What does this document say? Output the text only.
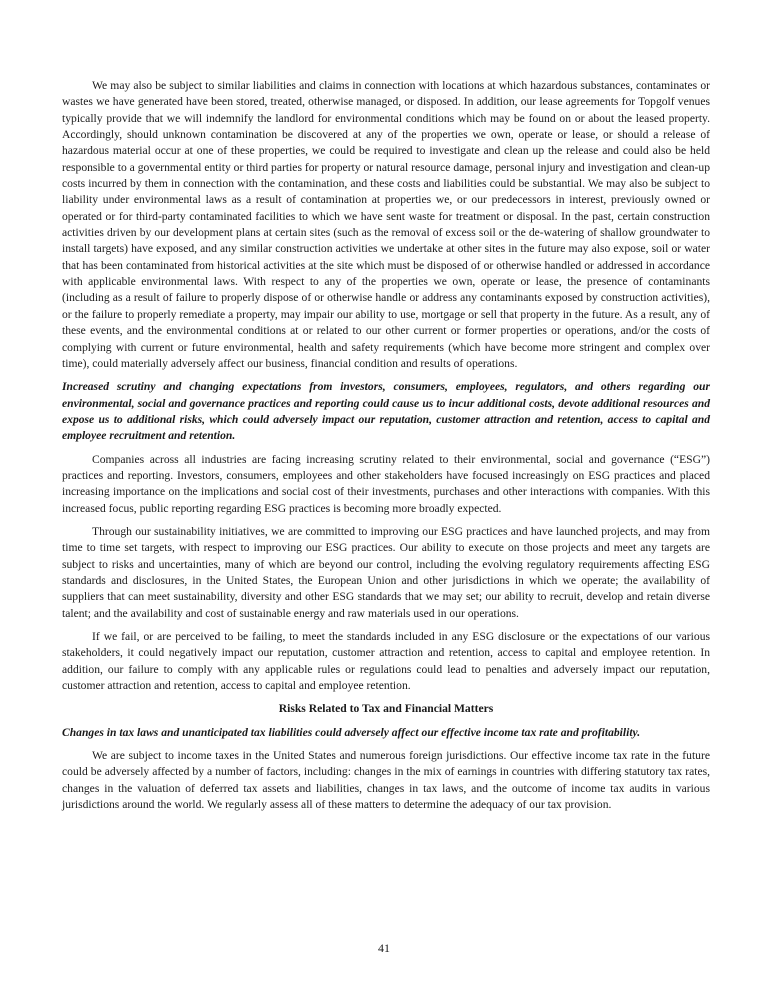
We may also be subject to similar liabilities and claims in connection with locations at which hazardous substances, contaminates or wastes we have generated have been stored, treated, otherwise managed, or disposed. In addition, our lease agreements for Topgolf venues typically provide that we will indemnify the landlord for environmental conditions which may be found on or about the leased property. Accordingly, should unknown contamination be discovered at any of the properties we own, operate or lease, or should a release of hazardous material occur at one of these properties, we could be required to investigate and clean up the release and could also be held responsible to a governmental entity or third parties for property or natural resource damage, personal injury and investigation and clean-up costs incurred by them in connection with the contamination, and these costs and liabilities could be substantial. We may also be subject to liability under environmental laws as a result of contamination at properties we, or our predecessors in interest, previously owned or operated or for third-party contaminated facilities to which we have sent waste for treatment or disposal. In the past, certain construction activities driven by our development plans at certain sites (such as the removal of excess soil or the de-watering of shallow groundwater to install targets) have exposed, and any similar construction activities we undertake at other sites in the future may also expose, soil or water that has been contaminated from historical activities at the site which must be disposed of or otherwise handled or addressed in accordance with applicable environmental laws. With respect to any of the properties we own, operate or lease, the presence of contaminants (including as a result of failure to properly dispose of or otherwise handle or address any contaminants exposed by construction activities), or the failure to properly remediate a property, may impair our ability to use, mortgage or sell that property in the future. As a result, any of these events, and the environmental conditions at or related to our other current or former properties or operations, and/or the costs of complying with current or future environmental, health and safety requirements (which have become more stringent and complex over time), could materially adversely affect our business, financial condition and results of operations.

Increased scrutiny and changing expectations from investors, consumers, employees, regulators, and others regarding our environmental, social and governance practices and reporting could cause us to incur additional costs, devote additional resources and expose us to additional risks, which could adversely impact our reputation, customer attraction and retention, access to capital and employee recruitment and retention.

Companies across all industries are facing increasing scrutiny related to their environmental, social and governance (“ESG”) practices and reporting. Investors, consumers, employees and other stakeholders have focused increasingly on ESG practices and placed increasing importance on the implications and social cost of their investments, purchases and other interactions with companies. With this increased focus, public reporting regarding ESG practices is becoming more broadly expected.

Through our sustainability initiatives, we are committed to improving our ESG practices and have launched projects, and may from time to time set targets, with respect to improving our ESG practices. Our ability to execute on those projects and meet any targets are subject to risks and uncertainties, many of which are beyond our control, including the evolving regulatory requirements affecting ESG standards and disclosures, in the United States, the European Union and other jurisdictions in which we operate; the availability of suppliers that can meet sustainability, diversity and other ESG standards that we may set; our ability to recruit, develop and retain diverse talent; and the availability and cost of sustainable energy and raw materials used in our operations.

If we fail, or are perceived to be failing, to meet the standards included in any ESG disclosure or the expectations of our various stakeholders, it could negatively impact our reputation, customer attraction and retention, access to capital and employee retention. In addition, our failure to comply with any applicable rules or regulations could lead to penalties and adversely impact our reputation, customer attraction and retention, access to capital and employee retention.

Risks Related to Tax and Financial Matters

Changes in tax laws and unanticipated tax liabilities could adversely affect our effective income tax rate and profitability.

We are subject to income taxes in the United States and numerous foreign jurisdictions. Our effective income tax rate in the future could be adversely affected by a number of factors, including: changes in the mix of earnings in countries with differing statutory tax rates, changes in the valuation of deferred tax assets and liabilities, changes in tax laws, and the outcome of income tax audits in various jurisdictions around the world. We regularly assess all of these matters to determine the adequacy of our tax provision.

41
